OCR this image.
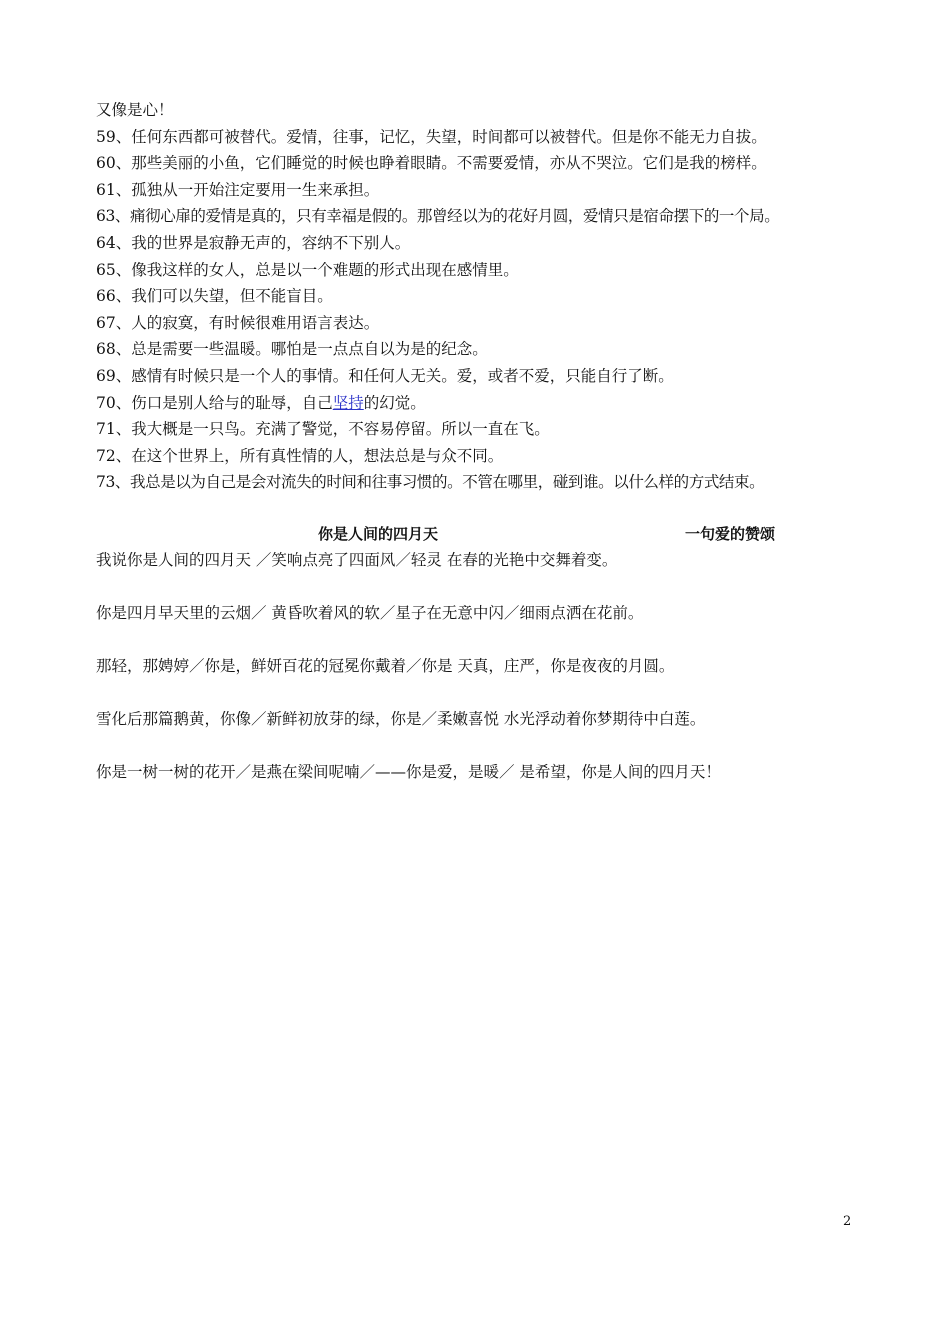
又像是心！
59、任何东西都可被替代。爱情，往事，记忆，失望，时间都可以被替代。但是你不能无力自拔。
60、那些美丽的小鱼，它们睡觉的时候也睁着眼睛。不需要爱情，亦从不哭泣。它们是我的榜样。
61、孤独从一开始注定要用一生来承担。
63、痛彻心扉的爱情是真的，只有幸福是假的。那曾经以为的花好月圆，爱情只是宿命摆下的一个局。
64、我的世界是寂静无声的，容纳不下别人。
65、像我这样的女人，总是以一个难题的形式出现在感情里。
66、我们可以失望，但不能盲目。
67、人的寂寞，有时候很难用语言表达。
68、总是需要一些温暖。哪怕是一点点自以为是的纪念。
69、感情有时候只是一个人的事情。和任何人无关。爱，或者不爱，只能自行了断。
70、伤口是别人给与的耻辱，自己坚持的幻觉。
71、我大概是一只鸟。充满了警觉，不容易停留。所以一直在飞。
72、在这个世界上，所有真性情的人，想法总是与众不同。
73、我总是以为自己是会对流失的时间和往事习惯的。不管在哪里，碰到谁。以什么样的方式结束。
你是人间的四月天	一句爱的赞颂
我说你是人间的四月天 ／笑响点亮了四面风／轻灵 在春的光艳中交舞着变。
你是四月早天里的云烟／ 黄昏吹着风的软／星子在无意中闪／细雨点洒在花前。
那轻，那娉婷／你是，鲜妍百花的冠冕你戴着／你是 天真，庄严，你是夜夜的月圆。
雪化后那篇鹅黄，你像／新鲜初放芽的绿，你是／柔嫩喜悦 水光浮动着你梦期待中白莲。
你是一树一树的花开／是燕在梁间呢喃／——你是爱，是暖／ 是希望，你是人间的四月天！
2
